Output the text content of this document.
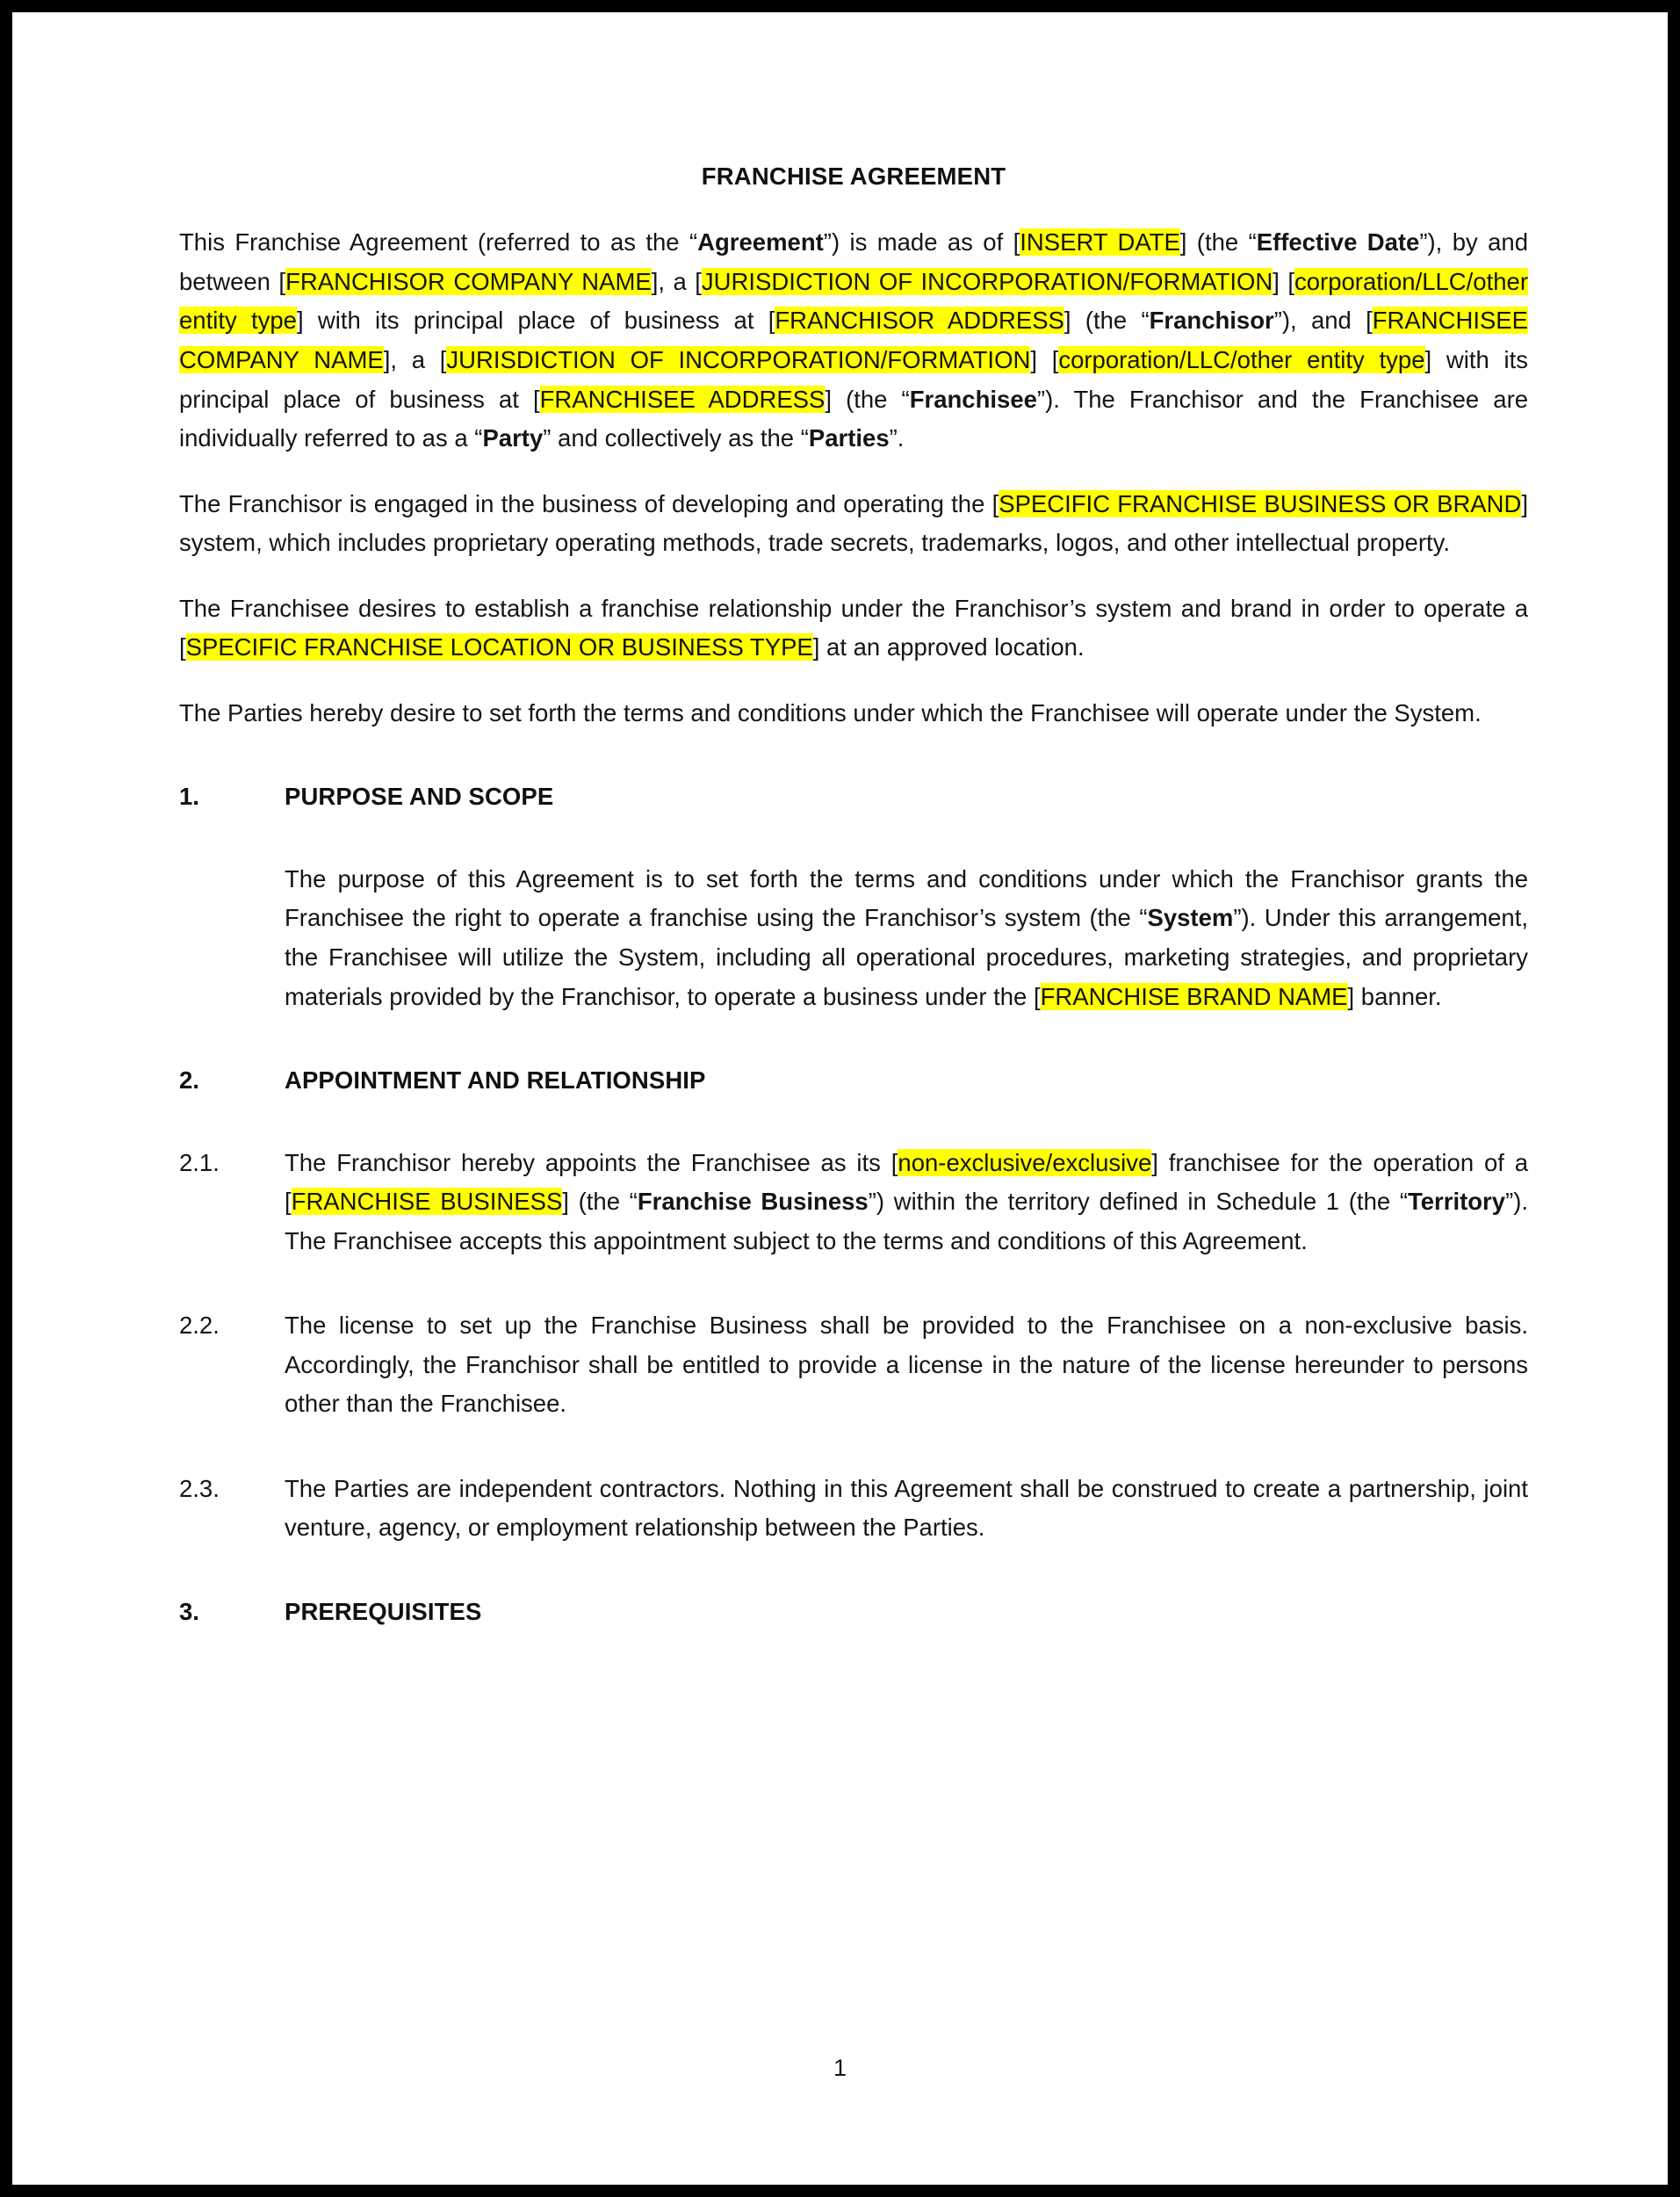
FRANCHISE AGREEMENT

This Franchise Agreement (referred to as the “Agreement”) is made as of [INSERT DATE] (the “Effective Date”), by and between [FRANCHISOR COMPANY NAME], a [JURISDICTION OF INCORPORATION/FORMATION] [corporation/LLC/other entity type] with its principal place of business at [FRANCHISOR ADDRESS] (the “Franchisor”), and [FRANCHISEE COMPANY NAME], a [JURISDICTION OF INCORPORATION/FORMATION] [corporation/LLC/other entity type] with its principal place of business at [FRANCHISEE ADDRESS] (the “Franchisee”). The Franchisor and the Franchisee are individually referred to as a “Party” and collectively as the “Parties”.

The Franchisor is engaged in the business of developing and operating the [SPECIFIC FRANCHISE BUSINESS OR BRAND] system, which includes proprietary operating methods, trade secrets, trademarks, logos, and other intellectual property.

The Franchisee desires to establish a franchise relationship under the Franchisor’s system and brand in order to operate a [SPECIFIC FRANCHISE LOCATION OR BUSINESS TYPE] at an approved location.

The Parties hereby desire to set forth the terms and conditions under which the Franchisee will operate under the System.

1.	PURPOSE AND SCOPE

The purpose of this Agreement is to set forth the terms and conditions under which the Franchisor grants the Franchisee the right to operate a franchise using the Franchisor’s system (the “System”). Under this arrangement, the Franchisee will utilize the System, including all operational procedures, marketing strategies, and proprietary materials provided by the Franchisor, to operate a business under the [FRANCHISE BRAND NAME] banner.

2.	APPOINTMENT AND RELATIONSHIP
2.1.	The Franchisor hereby appoints the Franchisee as its [non-exclusive/exclusive] franchisee for the operation of a [FRANCHISE BUSINESS] (the “Franchise Business”) within the territory defined in Schedule 1 (the “Territory”). The Franchisee accepts this appointment subject to the terms and conditions of this Agreement.
2.2.	The license to set up the Franchise Business shall be provided to the Franchisee on a non-exclusive basis. Accordingly, the Franchisor shall be entitled to provide a license in the nature of the license hereunder to persons other than the Franchisee.
2.3.	The Parties are independent contractors. Nothing in this Agreement shall be construed to create a partnership, joint venture, agency, or employment relationship between the Parties.
3.	PREREQUISITES
1
